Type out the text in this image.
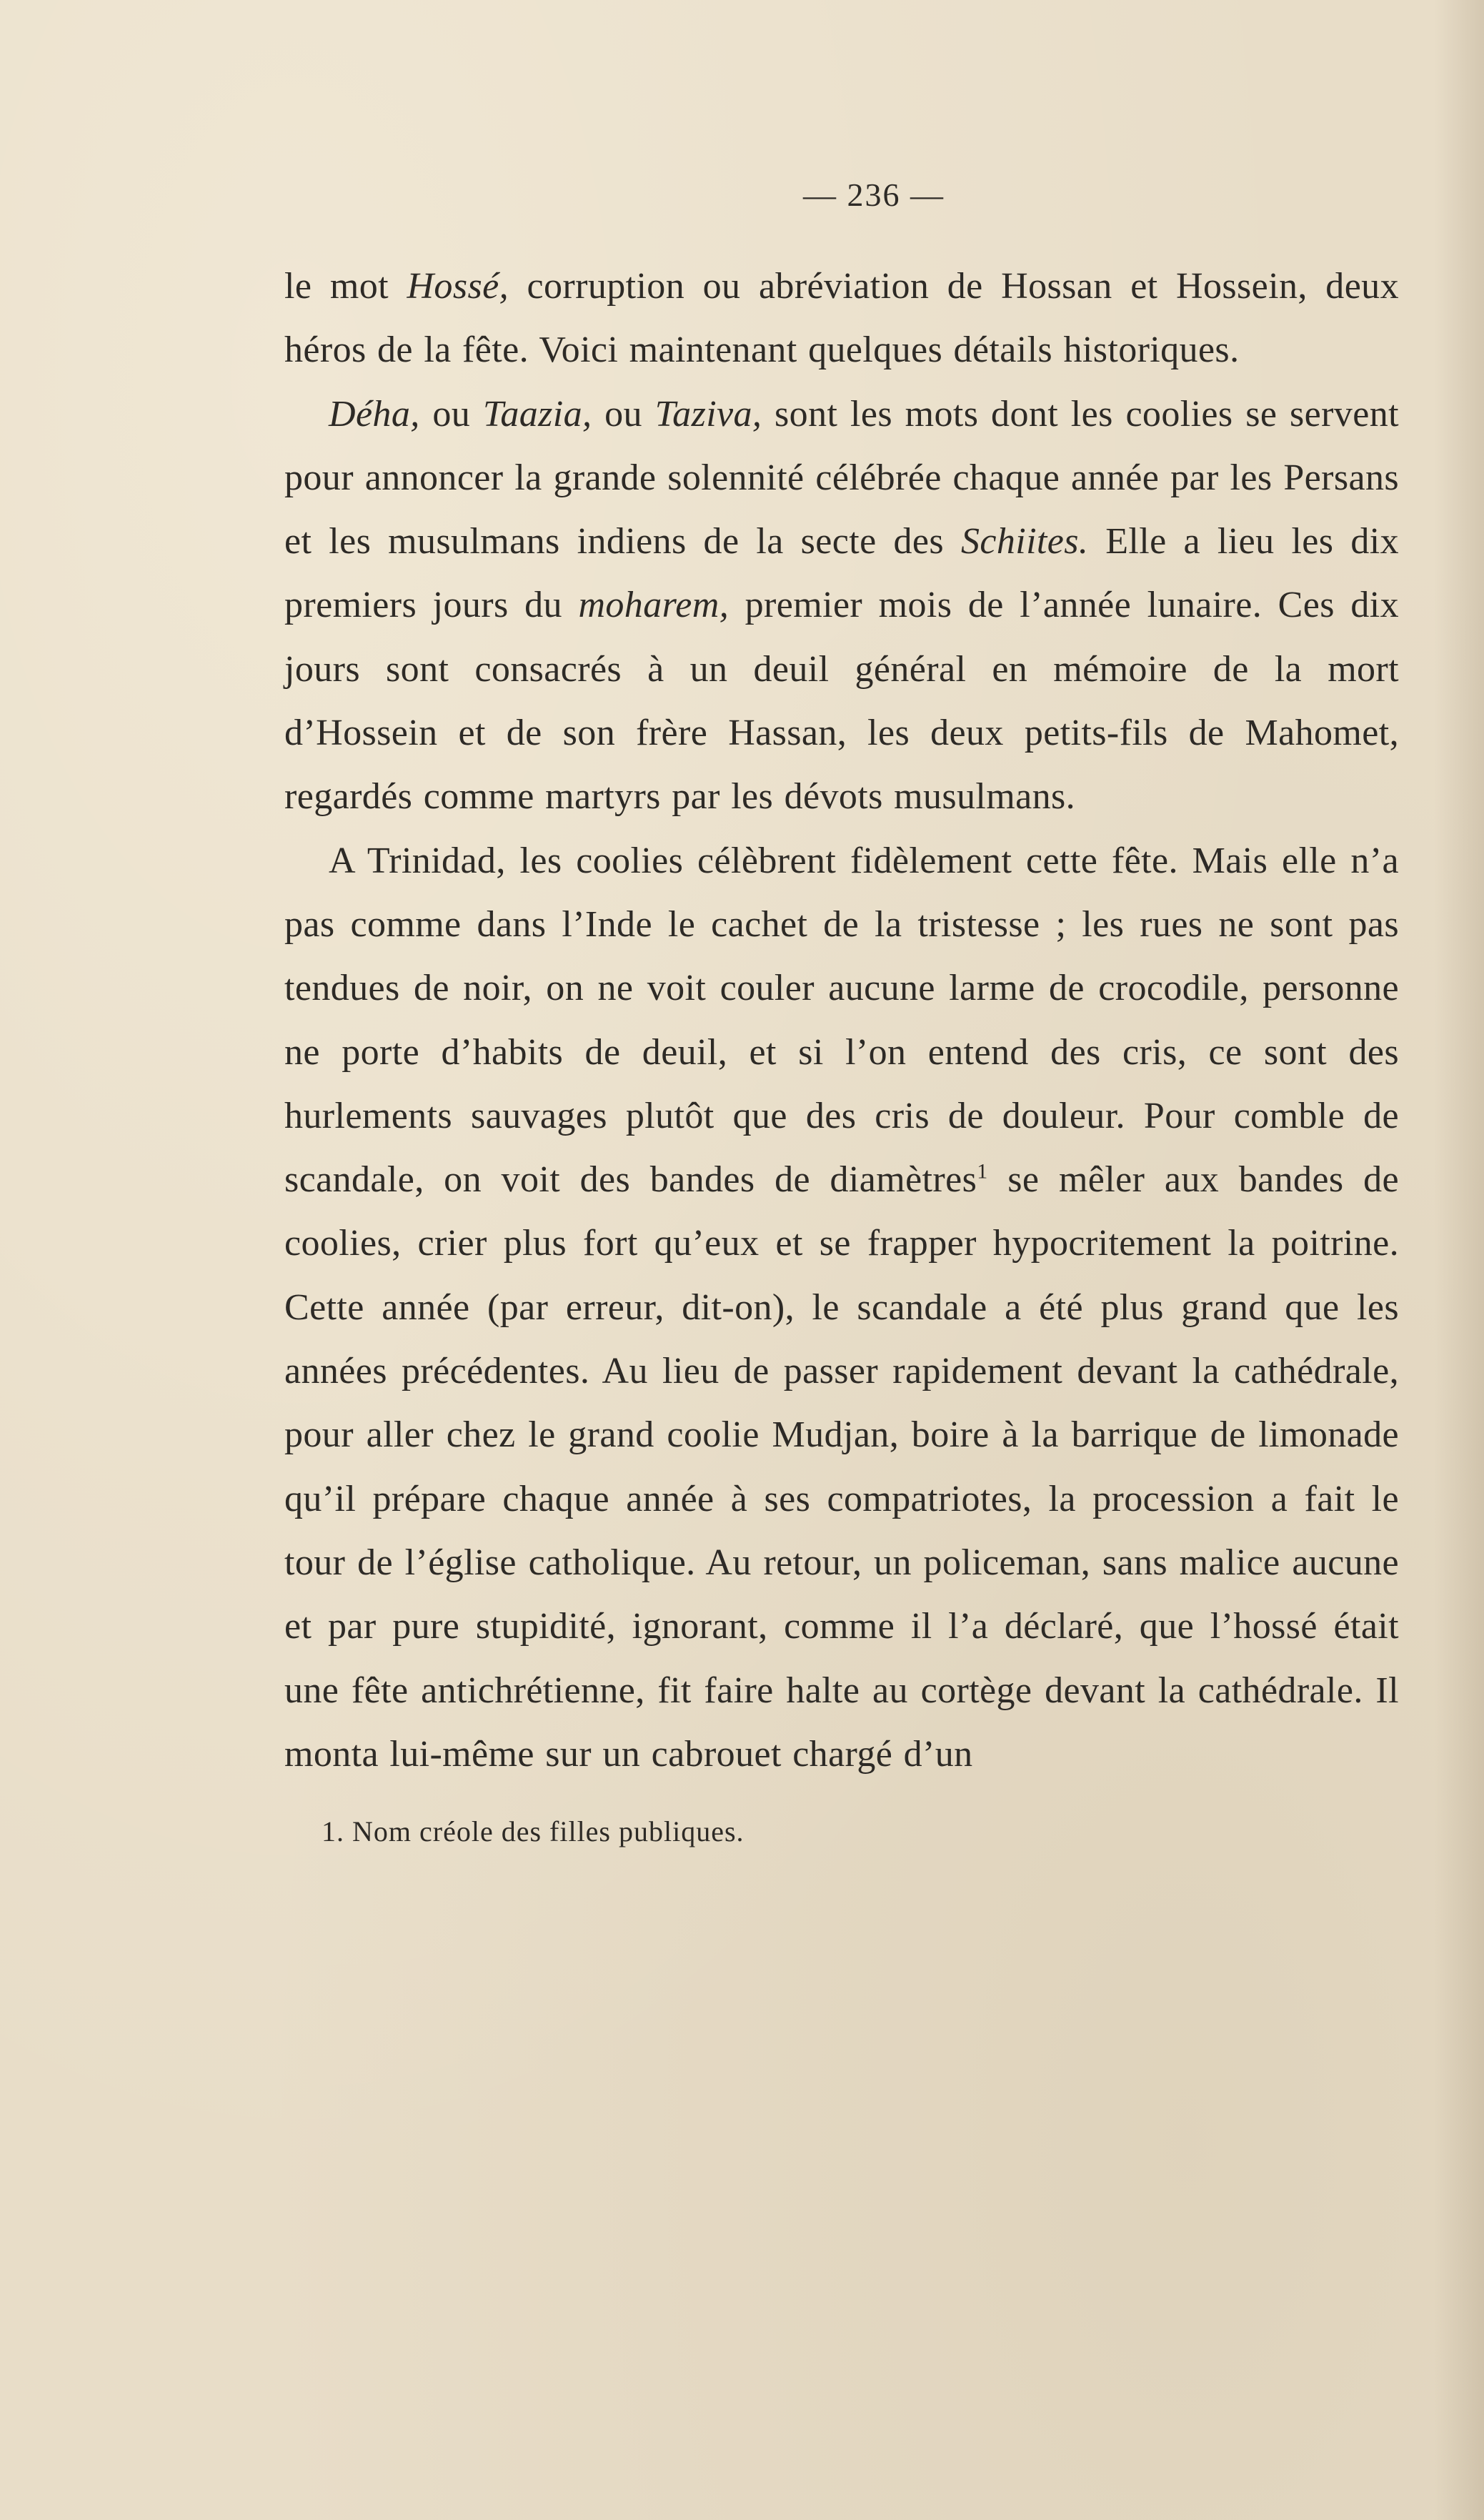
— 236 —

le mot Hossé, corruption ou abréviation de Hossan et Hossein, deux héros de la fête. Voici maintenant quelques détails historiques.

Déha, ou Taazia, ou Taziva, sont les mots dont les coolies se servent pour annoncer la grande solennité célébrée chaque année par les Persans et les musulmans indiens de la secte des Schiites. Elle a lieu les dix premiers jours du moharem, premier mois de l’année lunaire. Ces dix jours sont consacrés à un deuil général en mémoire de la mort d’Hossein et de son frère Hassan, les deux petits-fils de Mahomet, regardés comme martyrs par les dévots musulmans.

A Trinidad, les coolies célèbrent fidèlement cette fête. Mais elle n’a pas comme dans l’Inde le cachet de la tristesse ; les rues ne sont pas tendues de noir, on ne voit couler aucune larme de crocodile, personne ne porte d’habits de deuil, et si l’on entend des cris, ce sont des hurlements sauvages plutôt que des cris de douleur. Pour comble de scandale, on voit des bandes de diamètres$^1$ se mêler aux bandes de coolies, crier plus fort qu’eux et se frapper hypocritement la poitrine. Cette année (par erreur, dit-on), le scandale a été plus grand que les années précédentes. Au lieu de passer rapidement devant la cathédrale, pour aller chez le grand coolie Mudjan, boire à la barrique de limonade qu’il prépare chaque année à ses compatriotes, la procession a fait le tour de l’église catholique. Au retour, un policeman, sans malice aucune et par pure stupidité, ignorant, comme il l’a déclaré, que l’hossé était une fête antichrétienne, fit faire halte au cortège devant la cathédrale. Il monta lui-même sur un cabrouet chargé d’un

1. Nom créole des filles publiques.
